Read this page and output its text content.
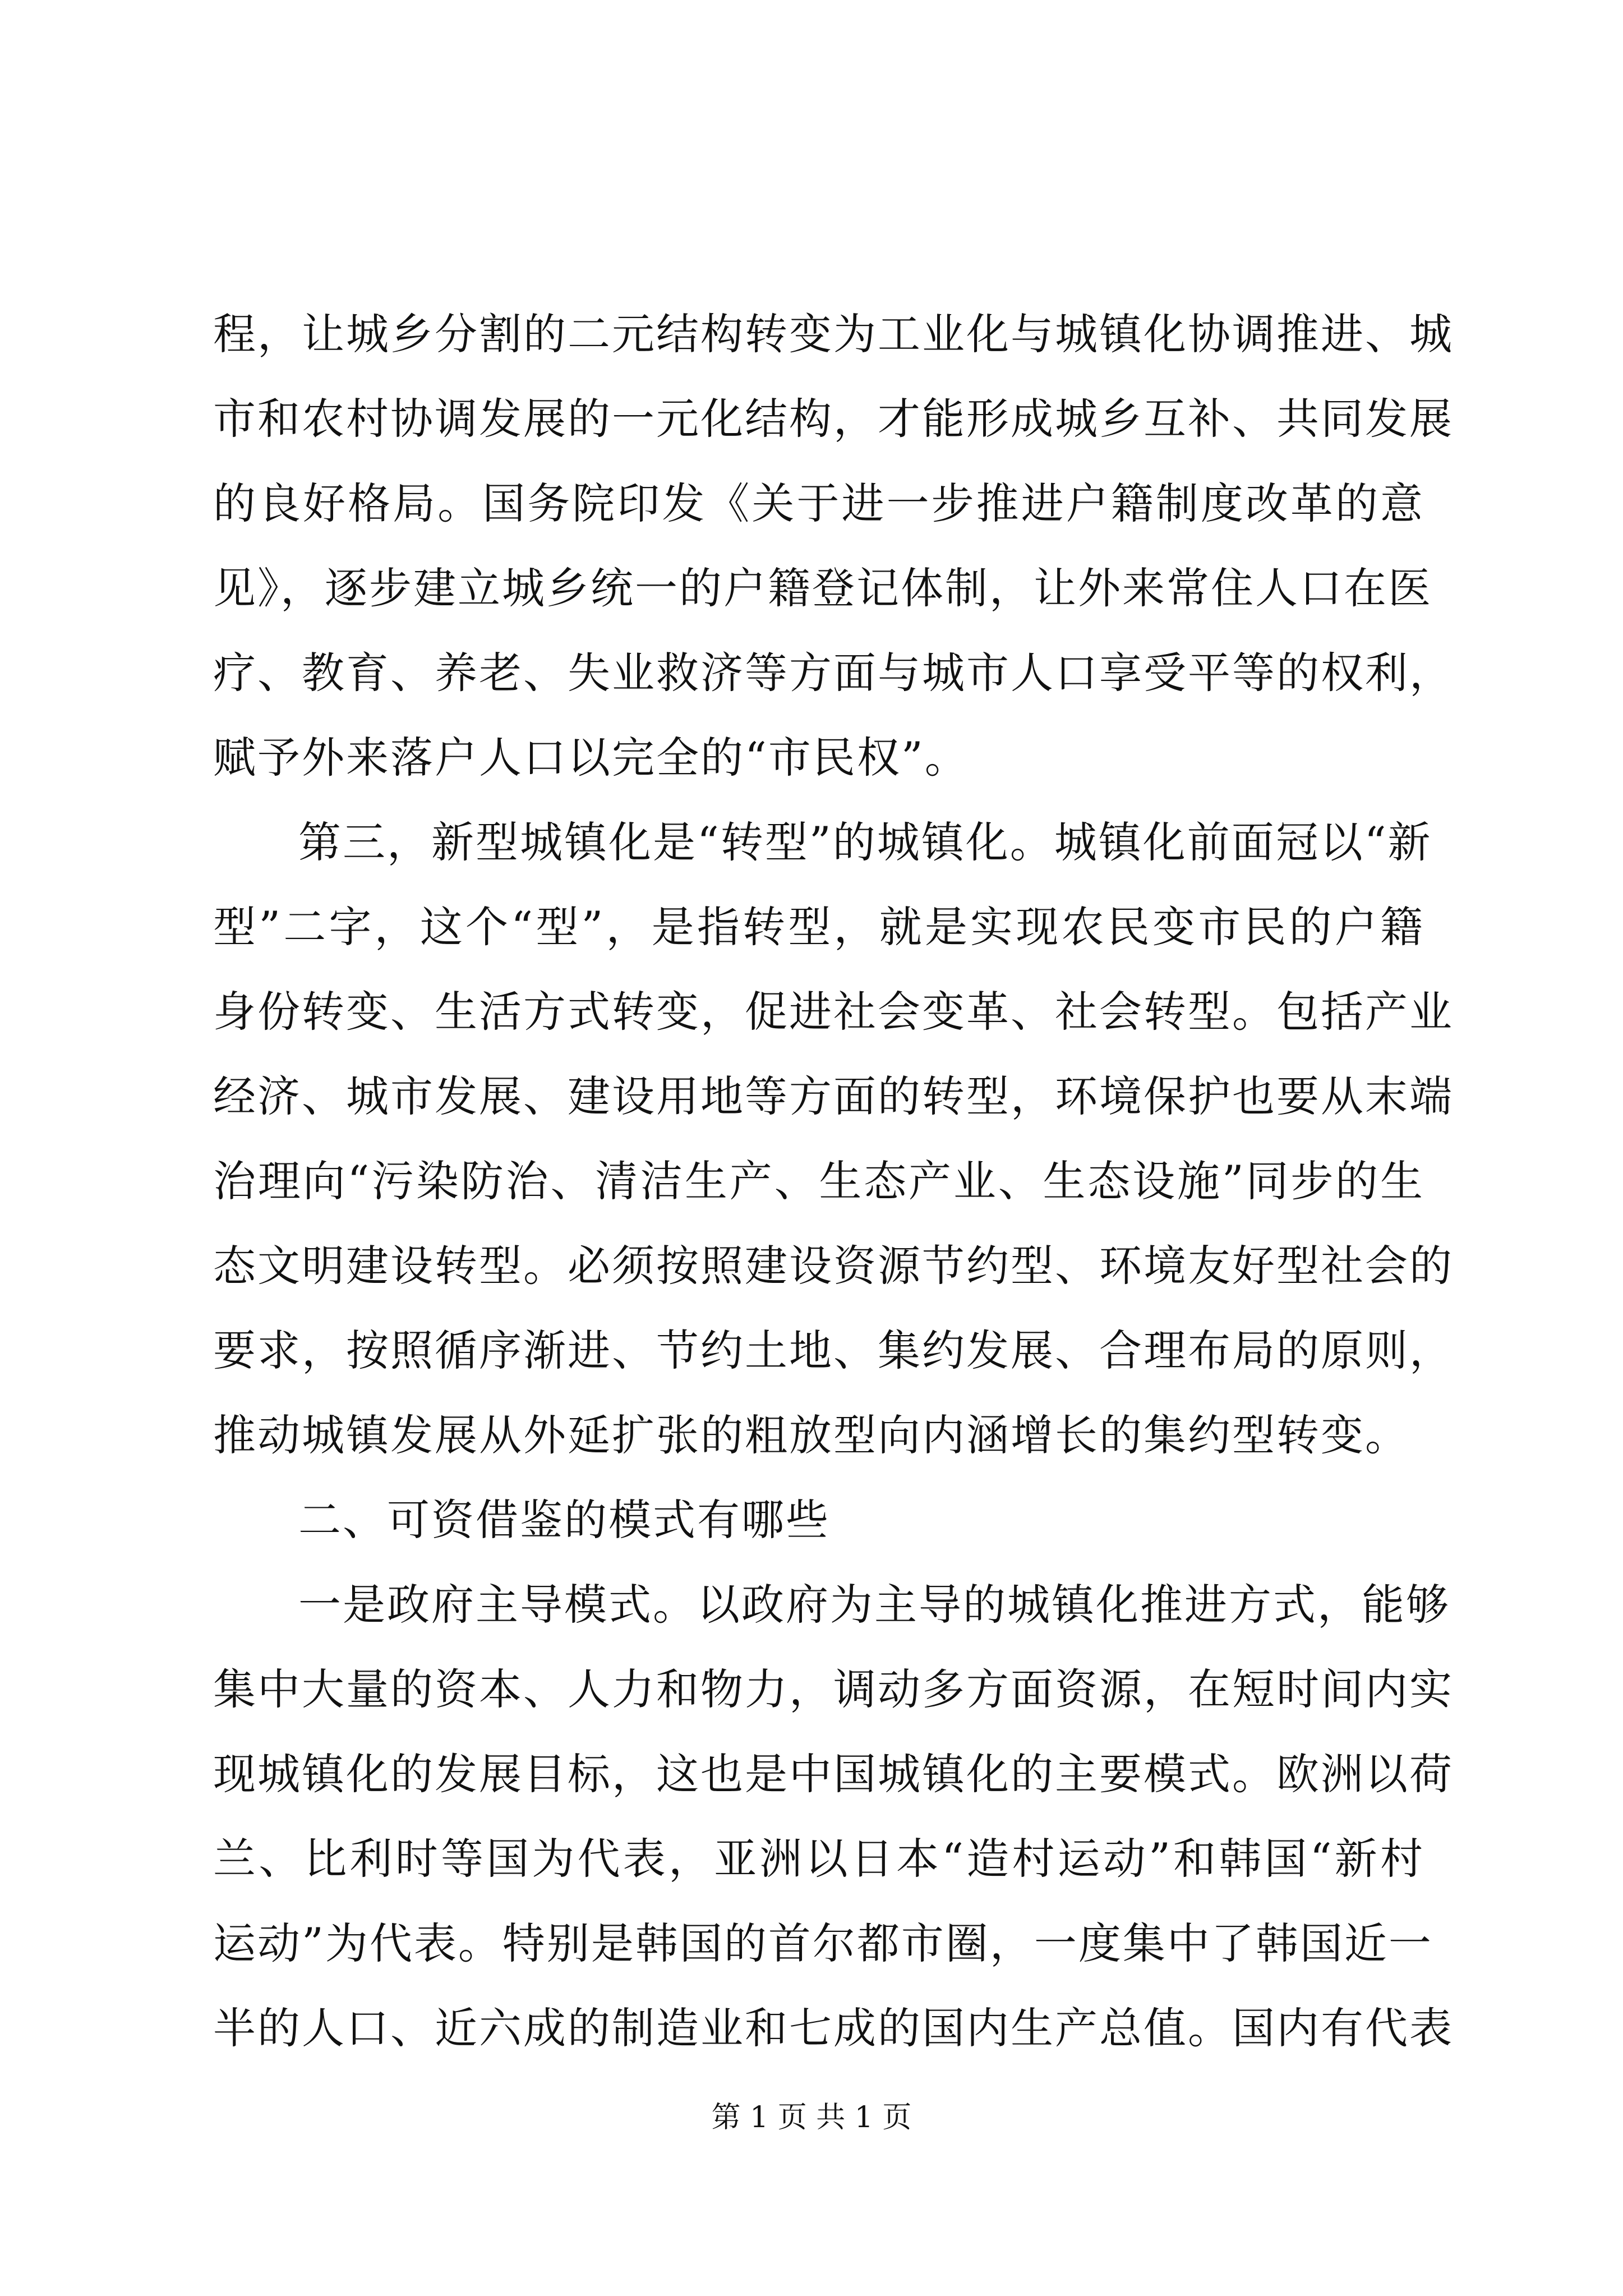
程，让城乡分割的二元结构转变为工业化与城镇化协调推进、城
市和农村协调发展的一元化结构，才能形成城乡互补、共同发展
的良好格局。国务院印发《关于进一步推进户籍制度改革的意
见》，逐步建立城乡统一的户籍登记体制，让外来常住人口在医
疗、教育、养老、失业救济等方面与城市人口享受平等的权利，
赋予外来落户人口以完全的“市民权”。
第三，新型城镇化是“转型”的城镇化。城镇化前面冠以“新
型”二字，这个“型”，是指转型，就是实现农民变市民的户籍
身份转变、生活方式转变，促进社会变革、社会转型。包括产业
经济、城市发展、建设用地等方面的转型，环境保护也要从末端
治理向“污染防治、清洁生产、生态产业、生态设施”同步的生
态文明建设转型。必须按照建设资源节约型、环境友好型社会的
要求，按照循序渐进、节约土地、集约发展、合理布局的原则，
推动城镇发展从外延扩张的粗放型向内涵增长的集约型转变。
二、可资借鉴的模式有哪些
一是政府主导模式。以政府为主导的城镇化推进方式，能够
集中大量的资本、人力和物力，调动多方面资源，在短时间内实
现城镇化的发展目标，这也是中国城镇化的主要模式。欧洲以荷
兰、比利时等国为代表，亚洲以日本“造村运动”和韩国“新村
运动”为代表。特别是韩国的首尔都市圈，一度集中了韩国近一
半的人口、近六成的制造业和七成的国内生产总值。国内有代表
第 1 页 共 1 页
